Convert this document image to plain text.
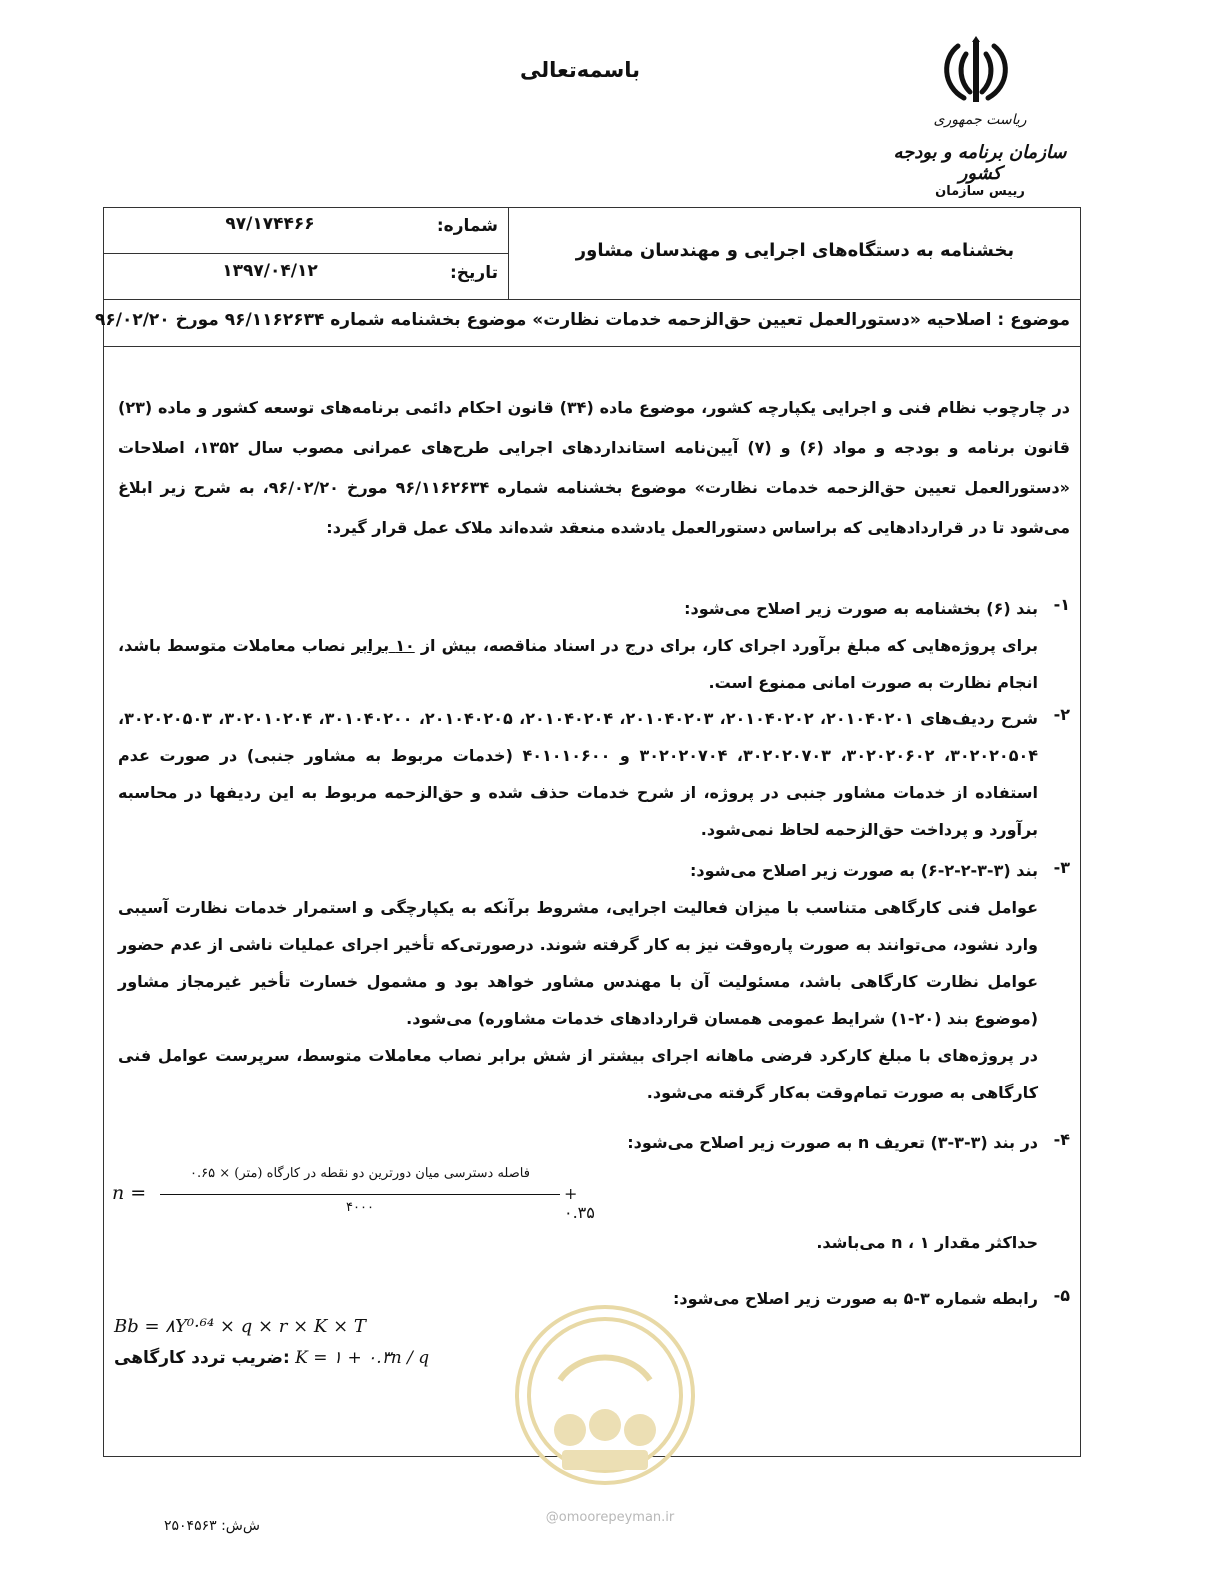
باسمه‌تعالی
ریاست جمهوری
سازمان برنامه و بودجه کشور
رییس سازمان
شماره:
۹۷/۱۷۴۴۶۶
تاریخ:
۱۳۹۷/۰۴/۱۲
بخشنامه به دستگاه‌های اجرایی و مهندسان مشاور
موضوع : اصلاحیه «دستورالعمل تعیین حق‌الزحمه خدمات نظارت» موضوع بخشنامه شماره ۹۶/۱۱۶۲۶۳۴ مورخ ۹۶/۰۲/۲۰
در چارچوب نظام فنی و اجرایی یکپارچه کشور، موضوع ماده (۳۴) قانون احکام دائمی برنامه‌های توسعه کشور و ماده (۲۳) قانون برنامه و بودجه و مواد (۶) و (۷) آیین‌نامه استانداردهای اجرایی طرح‌های عمرانی مصوب سال ۱۳۵۲، اصلاحات «دستورالعمل تعیین حق‌الزحمه خدمات نظارت» موضوع بخشنامه شماره ۹۶/۱۱۶۲۶۳۴ مورخ ۹۶/۰۲/۲۰، به شرح زیر ابلاغ می‌شود تا در قراردادهایی که براساس دستورالعمل یادشده منعقد شده‌اند ملاک عمل قرار گیرد:
۱-
بند (۶) بخشنامه به صورت زیر اصلاح می‌شود:
برای پروژه‌هایی که مبلغ برآورد اجرای کار، برای درج در اسناد مناقصه، بیش از ۱۰ برابر نصاب معاملات متوسط باشد، انجام نظارت به صورت امانی ممنوع است.
۲-
شرح ردیف‌های ۲۰۱۰۴۰۲۰۱، ۲۰۱۰۴۰۲۰۲، ۲۰۱۰۴۰۲۰۳، ۲۰۱۰۴۰۲۰۴، ۲۰۱۰۴۰۲۰۵، ۳۰۱۰۴۰۲۰۰، ۳۰۲۰۱۰۲۰۴، ۳۰۲۰۲۰۵۰۳، ۳۰۲۰۲۰۵۰۴، ۳۰۲۰۲۰۶۰۲، ۳۰۲۰۲۰۷۰۳، ۳۰۲۰۲۰۷۰۴ و ۴۰۱۰۱۰۶۰۰ (خدمات مربوط به مشاور جنبی) در صورت عدم استفاده از خدمات مشاور جنبی در پروژه، از شرح خدمات حذف شده و حق‌الزحمه مربوط به این ردیفها در محاسبه برآورد و پرداخت حق‌الزحمه لحاظ نمی‌شود.
۳-
بند (۳-۳-۲-۲-۶) به صورت زیر اصلاح می‌شود:
عوامل فنی کارگاهی متناسب با میزان فعالیت اجرایی، مشروط برآنکه به یکپارچگی و استمرار خدمات نظارت آسیبی وارد نشود، می‌توانند به صورت پاره‌وقت نیز به کار گرفته شوند. درصورتی‌که تأخیر اجرای عملیات ناشی از عدم حضور عوامل نظارت کارگاهی باشد، مسئولیت آن با مهندس مشاور خواهد بود و مشمول خسارت تأخیر غیرمجاز مشاور (موضوع بند (۲۰-۱) شرایط عمومی همسان قراردادهای خدمات مشاوره) می‌شود.
در پروژه‌های با مبلغ کارکرد فرضی ماهانه اجرای بیشتر از شش برابر نصاب معاملات متوسط، سرپرست عوامل فنی کارگاهی به صورت تمام‌وقت به‌کار گرفته می‌شود.
۴-
در بند (۳-۳-۳) تعریف n به صورت زیر اصلاح می‌شود:
n =
فاصله دسترسی میان دورترین دو نقطه در کارگاه (متر) × ۰.۶۵
۴۰۰۰
+ ۰.۳۵
حداکثر مقدار n ، ۱ می‌باشد.
۵-
رابطه شماره ۳-۵ به صورت زیر اصلاح می‌شود:
Bb = ۸Y⁰·⁶⁴ × q × r × K × T
ضریب تردد کارگاهی: K = ۱ + ۰.۳n / q
@omoorepeyman.ir
ش‌ش: ۲۵۰۴۵۶۳
